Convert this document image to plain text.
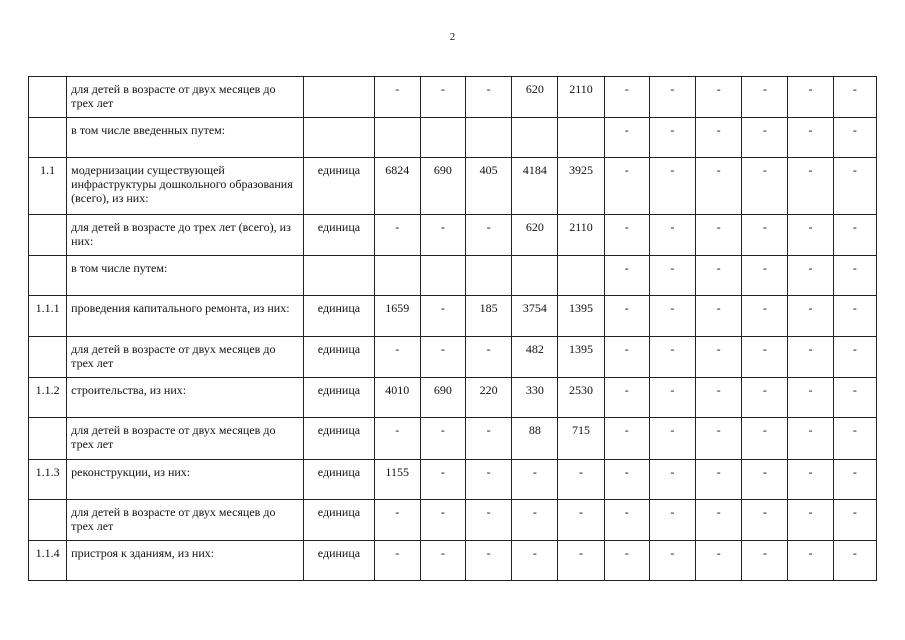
2
	для детей в возрасте от двух месяцев до трех лет		-	-	-	620	2110	-	-	-	-	-	-
	в том числе введенных путем:							-	-	-	-	-	-
1.1	модернизации существующей инфраструктуры дошкольного образования (всего), из них:	единица	6824	690	405	4184	3925	-	-	-	-	-	-
	для детей в возрасте до трех лет (всего), из них:	единица	-	-	-	620	2110	-	-	-	-	-	-
	в том числе путем:							-	-	-	-	-	-
1.1.1	проведения капитального ремонта, из них:	единица	1659	-	185	3754	1395	-	-	-	-	-	-
	для детей в возрасте от двух месяцев до трех лет	единица	-	-	-	482	1395	-	-	-	-	-	-
1.1.2	строительства, из них:	единица	4010	690	220	330	2530	-	-	-	-	-	-
	для детей в возрасте от двух месяцев до трех лет	единица	-	-	-	88	715	-	-	-	-	-	-
1.1.3	реконструкции, из них:	единица	1155	-	-	-	-	-	-	-	-	-	-
	для детей в возрасте от двух месяцев до трех лет	единица	-	-	-	-	-	-	-	-	-	-	-
1.1.4	пристроя к зданиям, из них:	единица	-	-	-	-	-	-	-	-	-	-	-
